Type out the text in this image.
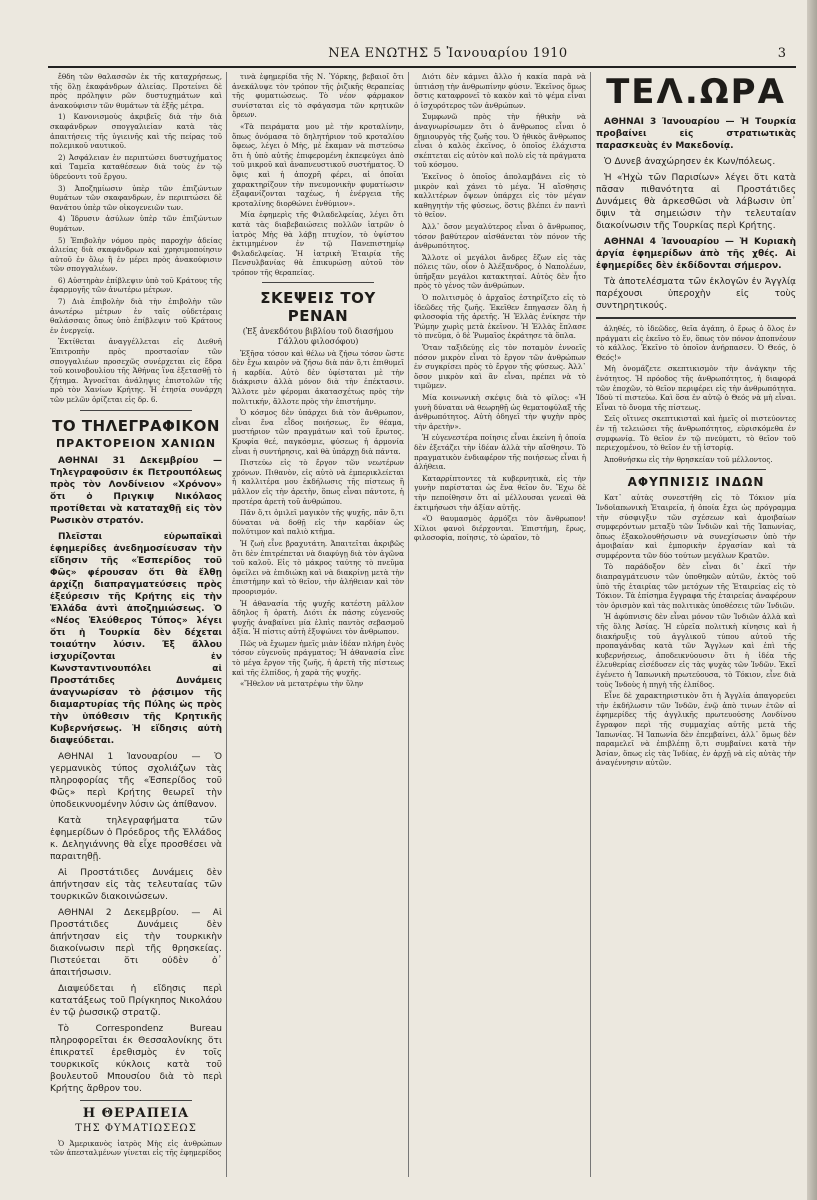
ΝΕΑ ΕΝΩΤΗΣ 5 Ἰανουαρίου 1910	3

ἔθδη τῶν θαλασσῶν ἐκ τῆς καταχρήσεως, τῆς ὅλῃ ἐκαφάνδρων ἁλιείας. Προτείνει δὲ πρὸς πρόληψιν ρῶν δυστυχημάτων καὶ ἀνακούφισιν τῶν θυμάτων τὰ ἑξῆς μέτρα.

1) Κανονισμοὺς ἀκριβεῖς διὰ τὴν διὰ σκαφάνδρων σπογγαλιείαν κατὰ τὰς ἀπαιτήσεις τῆς ὑγιεινῆς καὶ τῆς πείρας τοῦ πολεμικοῦ ναυτικοῦ.

2) Ἀσφάλειαν ἐν περιπτώσει δυστυχήματος καὶ Ταμεῖα καταθέσεων διὰ τοὺς ἐν τῷ ὑδρεύοντι τοῦ ἔργου.

3) Ἀποζημίωσιν ὑπὲρ τῶν ἐπιζώντων θυμάτων τῶν σκαφανδρων, ἐν περιπτώσει δὲ θανάτου ὑπὲρ τῶν οἰκογενειῶν των.

4) Ἱδρυσιν ἀσύλων ὑπὲρ τῶν ἐπιζώντων θυμάτων.

5) Ἐπιβολὴν νόμου πρὸς παροχὴν ἀδείας ἁλιείας διὰ σκαφάνδρων καὶ χρησιμοποίησιν αὐτοῦ ἐν ὅλῳ ἢ ἐν μέρει πρὸς ἀνακούφισιν τῶν σπογγαλιέων.

6) Αὐστηρὰν ἐπίβλεψιν ὑπὸ τοῦ Κράτους τῆς ἐφαρμογῆς τῶν ἀνωτέρω μέτρων.

7) Διὰ ἐπιβολὴν διὰ τὴν ἐπιβολὴν τῶν ἀνωτέρω μέτρων ἐν ταῖς οὐδετέραις θαλάσσαις ὅπως ὑπὸ ἐπίβλεψιν τοῦ Κράτους ἐν ἐνεργείᾳ.

Ἐκτίθεται ἀναγγέλλεται εἰς Διεθνῆ Ἐπιτροπὴν πρὸς προστασίαν τῶν σπογγαλιέων προσεχῶς συνέρχεται εἰς ἔδρα τοῦ κοινοβουλίου τῆς Ἀθήνας ἵνα ἐξετασθῇ τὸ ζήτημα. Ἀγνοεῖται ἀνάληψις ἐπιστολῶν τῆς πρὸ τὸν Χανίων Κρήτης. Ἡ ἐτησία συνάρχη τῶν μελῶν ὁρίζεται εἰς δρ. 6.

ΤΟ ΤΗΛΕΓΡΑΦΙΚΟΝ
ΠΡΑΚΤΟΡΕΙΟΝ ΧΑΝΙΩΝ
ΑΘΗΝΑΙ 31 Δεκεμβρίου — Τηλεγραφοῦσιν ἐκ Πετρουπόλεως πρὸς τὸν Λονδίνειον «Χρόνον» ὅτι ὁ Πριγκιψ Νικόλαος προτίθεται νὰ καταταχθῇ εἰς τὸν Ρωσικὸν στρατόν.
Πλεῖσται εὐρωπαϊκαὶ ἐφημερίδες ἀνεδημοσίευσαν τὴν εἴδησιν τῆς «Ἐσπερίδος τοῦ Φῶς» φέρουσαν ὅτι θὰ ἔλθῃ ἀρχίζῃ διαπραγματεύσεις πρὸς ἐξεύρεσιν τῆς Κρήτης εἰς τὴν Ἑλλάδα ἀντὶ ἀποζημιώσεως. Ὁ «Νέος Ἐλεύθερος Τύπος» λέγει ὅτι ἡ Τουρκία δὲν δέχεται τοιαύτην λύσιν. Ἐξ ἄλλου ἰσχυρίζονται ἐν Κωνσταντινουπόλει αἱ Προστάτιδες Δυνάμεις ἀναγνωρίσαν τὸ ῥᾴσιμον τῆς διαμαρτυρίας τῆς Πύλης ὡς πρὸς τὴν ὑπόθεσιν τῆς Κρητικῆς Κυβερνήσεως. Ἡ εἴδησις αὐτὴ διαψεύδεται.
ΑΘΗΝΑΙ 1 Ἰανουαρίου — Ὁ γερμανικὸς τύπος σχολιάζων τὰς πληροφορίας τῆς «Ἐσπερίδος τοῦ Φῶς» περὶ Κρήτης θεωρεῖ τὴν ὑποδεικνυομένην λύσιν ὡς ἀπίθανον.
Κατὰ τηλεγραφήματα τῶν ἐφημερίδων ὁ Πρόεδρος τῆς Ἑλλάδος κ. Δεληγιάννης θὰ εἶχε προσθέσει νὰ παραιτηθῇ.
Αἱ Προστάτιδες Δυνάμεις δὲν ἀπήντησαν εἰς τὰς τελευταίας τῶν τουρκικῶν διακοινώσεων.
ΑΘΗΝΑΙ 2 Δεκεμβρίου. — Αἱ Προστάτιδες Δυνάμεις δὲν ἀπήντησαν εἰς τὴν τουρκικὴν διακοίνωσιν περὶ τῆς θρησκείας. Πιστεύεται ὅτι οὐδὲν ὁ᾽ ἀπαιτήσωσιν.
Διαψεύδεται ἡ εἴδησις περὶ κατατάξεως τοῦ Πρίγκηπος Νικολάου ἐν τῷ ῥωσσικῷ στρατῷ.
Τὸ Correspondenz Bureau πληροφορεῖται ἐκ Θεσσαλονίκης ὅτι ἐπικρατεῖ ἐρεθισμὸς ἐν τοῖς τουρκικοῖς κύκλοις κατὰ τοῦ βουλευτοῦ Μπουσίου διὰ τὸ περὶ Κρήτης ἄρθρον του.
Η ΘΕΡΑΠΕΙΑ
ΤΗΣ ΦΥΜΑΤΙΩΣΕΩΣ

Ὁ Ἀμερικανὸς ἰατρὸς Μὴς εἰς ἀνθρώπων τῶν ἀπεσταλμένων γίνεται εἰς τῆς ἐφημερίδος

τινὰ ἐφημερίδα τῆς Ν. Ὑόρκης, βεβαιοῖ ὅτι ἀνεκάλυψε τὸν τρόπον τῆς ῥιζικῆς θεραπείας τῆς φυματιώσεως. Τὸ νέον φάρμακον συνίσταται εἰς τὸ σφάγασμα τῶν κρητικῶν ὄρεων.

«Τὰ πειράματα μου μὲ τὴν κροταλίνην, ὅπως ὀνόμασα τὸ δηλητήριον τοῦ κροταλίου ὄφεως, λέγει ὁ Μὴς, μὲ ἔκαμαν νὰ πιστεύσω ὅτι ἡ ὑπὸ αὐτῆς ἐπιφερομένη ἐκπεφεύγει ἀπὸ τοῦ μικροῦ καὶ ἀναπνευστικοῦ συστήματος. Ὁ ὄφις καὶ ἡ ἀποχρῆ φέρει, αἱ ὁποῖαι χαρακτηρίζουν τὴν πνευμονικὴν φυματίωσιν ἐξαφανίζονται ταχέως, ἡ ἐνέργεια τῆς κροταλίνης διορθώνει ἐνθύμιον».

Μία ἐφημερὶς τῆς Φιλαδελφείας, λέγει ὅτι κατὰ τὰς διαβεβαιώσεις πολλῶν ἰατρῶν ὁ ἰατρὸς Μὴς θὰ λάβῃ πτυχίον, τὸ ὑψίστου ἐκτιμημένον ἐν τῷ Πανεπιστημίῳ Φιλαδελφείας. Ἡ ἰατρικὴ Ἐταιρία τῆς Πενσυλβανίας θὰ ἐπικυρώσῃ αὐτοῦ τὸν τρόπον τῆς θεραπείας.

ΣΚΕΨΕΙΣ ΤΟΥ ΡΕΝΑΝ

(Ἐξ ἀνεκδότου βιβλίου τοῦ διασήμου Γάλλου φιλοσόφου)

Ἐξῆσα τόσον καὶ θέλω νὰ ζήσω τόσον ὥστε δὲν ἔχω καιρὸν νὰ ζήσω διὰ πάν ὅ,τι ἐπιθυμεῖ ἡ καρδία. Αὐτὸ δὲν ὑφίσταται μὲ τὴν διάκρισιν ἀλλὰ μόνον διὰ τὴν ἐπέκτασιν. Ἄλλοτε μὲν φέρομαι ἀκατασχέτως πρὸς τὴν πολιτικήν, ἄλλοτε πρὸς τὴν ἐπιστήμην.

Ὁ κόσμος δὲν ὑπάρχει διὰ τὸν ἄνθρωπον, εἶναι ἕνα εἶδος ποιήσεως, ἓν θέαμα, μυστήριον τῶν πραγμάτων καὶ τοῦ ἔρωτος. Κρυφία θεέ, παγκόσμιε, φύσεως ἡ ἀρμονία εἶναι ἡ συντήρησις, καὶ θὰ ὑπάρχῃ διὰ πάντα.

Πιστεύω εἰς τὸ ἔργον τῶν νεωτέρων χρόνων. Πιθανὸν, εἰς αὐτὸ νὰ ἐμπερικλείεται ἡ καλλιτέρα μου ἐκδήλωσις τῆς πίστεως ἢ μᾶλλον εἰς τὴν ἀρετὴν, ὅπως εἶναι πάντοτε, ἡ προτέρα ἀρετὴ τοῦ ἀνθρώπου.

Πᾶν ὅ,τι ὁμιλεῖ μαγικὸν τῆς ψυχῆς, πᾶν ὅ,τι δύναται νὰ δοθῇ εἰς τὴν καρδίαν ὡς πολύτιμον καὶ παλιὸ κτῆμα.

Ἡ ζωὴ εἶνε βραχυτάτη. Ἀπαιτεῖται ἀκριβῶς ὅτι δὲν ἐπιτρέπεται νὰ διαφύγῃ διὰ τὸν ἀγῶνα τοῦ καλοῦ. Εἰς τὸ μάκρος ταύτης τὸ πνεῦμα ὀφείλει νὰ ἐπιδιώκῃ καὶ νὰ διακρίνῃ μετὰ τὴν ἐπιστήμην καὶ τὸ θεῖον, τὴν ἀλήθειαν καὶ τὸν προορισμόν.

Ἡ ἀθανασία τῆς ψυχῆς κατέστη μᾶλλον ἄδηλος ἢ ὁρατὴ. Διότι ἐκ πάσης εὐγενοῦς ψυχῆς ἀναβαίνει μία ἐλπὶς παντὸς σεβασμοῦ ἀξία. Ἡ πίστις αὐτὴ ἐξυψώνει τὸν ἄνθρωπον.

Πῶς νὰ ἔχωμεν ἡμεῖς μιὰν ἰδέαν πλήρη ἐνὸς τόσον εὐγενοῦς πράγματος; Ἡ ἀθανασία εἶνε τὸ μέγα ἔργον τῆς ζωῆς, ἡ ἀρετὴ τῆς πίστεως καὶ τῆς ἐλπίδος, ἡ χαρὰ τῆς ψυχῆς.

«Ἤθελον νὰ μετατρέψω τὴν ὕλην

Διότι δὲν κάμνει ἄλλο ἡ κακία παρὰ νὰ ὑπτιάσῃ τὴν ἀνθρωπίνην φύσιν. Ἐκεῖνος ὅμως ὅστις καταφρονεῖ τὸ κακὸν καὶ τὸ ψέμα εἶναι ὁ ἰσχυρότερος τῶν ἀνθρώπων.

Συμφωνῶ πρὸς τὴν ἠθικὴν νὰ ἀναγνωρίσωμεν ὅτι ὁ ἄνθρωπος εἶναι ὁ δημιουργὸς τῆς ζωῆς του. Ὁ ἠθικὸς ἄνθρωπος εἶναι ὁ καλὸς ἐκεῖνος, ὁ ὁποῖος ἐλάχιστα σκέπτεται εἰς αὑτὸν καὶ πολὺ εἰς τὰ πράγματα τοῦ κόσμου.

Ἐκεῖνος ὁ ὁποῖος ἀπολαμβάνει εἰς τὸ μικρὸν καὶ χάνει τὸ μέγα. Ἡ αἴσθησις καλλιτέρων ὄψεων ὑπάρχει εἰς τὸν μέγαν καθηγητὴν τῆς φύσεως, ὅστις βλέπει ἐν παντὶ τὸ θεῖον.

Ἀλλ᾽ ὅσον μεγαλύτερος εἶναι ὁ ἄνθρωπος, τόσον βαθύτερον αἰσθάνεται τὸν πόνον τῆς ἀνθρωπότητος.

Ἄλλοτε οἱ μεγάλοι ἄνδρες ἔζων εἰς τὰς πόλεις τῶν, οἷον ὁ Ἀλέξανδρος, ὁ Ναπολέων, ὑπῆρξαν μεγάλοι κατακτηταί. Αὐτὸς δὲν ἦτο πρὸς τὸ γένος τῶν ἀνθρώπων.

Ὁ πολιτισμὸς ὁ ἀρχαῖος ἐστηρίζετο εἰς τὸ ἰδεῶδες τῆς ζωῆς. Ἐκεῖθεν ἔπηγασεν ὅλη ἡ φιλοσοφία τῆς ἀρετῆς. Ἡ Ἑλλὰς ἐνίκησε τὴν Ῥώμην χωρὶς μετὰ ἐκεῖνον. Ἡ Ἑλλὰς ἔπλασε τὸ πνεῦμα, ὁ δὲ Ῥωμαῖος ἐκράτησε τὰ ὅπλα.

Ὅταν ταξιδεύῃς εἰς τὸν ποταμὸν ἐννοεῖς πόσον μικρὸν εἶναι τὸ ἔργον τῶν ἀνθρώπων ἐν συγκρίσει πρὸς τὸ ἔργον τῆς φύσεως. Ἀλλ᾽ ὅσον μικρὸν καὶ ἂν εἶναι, πρέπει νὰ τὸ τιμῶμεν.

Μία κοινωνικὴ σκέψις διὰ τὸ φίλος: «Ἡ γυνὴ δύναται νὰ θεωρηθῇ ὡς θεματοφύλαξ τῆς ἀνθρωπότητος. Αὐτὴ ὁδηγεῖ τὴν ψυχὴν πρὸς τὴν ἀρετὴν».

Ἡ εὐγενεστέρα ποίησις εἶναι ἐκείνη ἡ ὁποία δὲν ἐξετάζει τὴν ἰδέαν ἀλλὰ τὴν αἴσθησιν. Τὸ πραγματικὸν ἐνδιαφέρον τῆς ποιήσεως εἶναι ἡ ἀλήθεια.

Καταρρίπτοντες τὰ κυβερνητικὰ, εἰς τὴν γυνὴν παρίσταται ὡς ἕνα θεῖον ὄν. Ἔχω δὲ τὴν πεποίθησιν ὅτι αἱ μέλλουσαι γενεαὶ θὰ ἐκτιμήσωσι τὴν ἀξίαν αὐτῆς.

«Ὁ θαυμασμὸς ἀρμόζει τὸν ἄνθρωπον! Χίλιοι φανοὶ διέρχονται. Ἐπιστήμη, ἔρως, φιλοσοφία, ποίησις, τὸ ὡραῖον, τὸ

ΤΕΛ.ΩΡΑ
ΑΘΗΝΑΙ 3 Ἰανουαρίου — Ἡ Τουρκία προβαίνει εἰς στρατιωτικὰς παρασκευὰς ἐν Μακεδονίᾳ.
Ὁ Δυνεβ ἀναχώρησεν ἐκ Κων/πόλεως.
Ἡ «Ἠχὼ τῶν Παρισίων» λέγει ὅτι κατὰ πᾶσαν πιθανότητα αἱ Προστάτιδες Δυνάμεις θὰ ἀρκεσθῶσι νὰ λάβωσιν ὑπ᾽ ὄψιν τὰ σημειώσιν τὴν τελευταίαν διακοίνωσιν τῆς Τουρκίας περὶ Κρήτης.
ΑΘΗΝΑΙ 4 Ἰανουαρίου — Ἡ Κυριακὴ ἀργία ἐφημερίδων ἀπὸ τῆς χθές. Αἱ ἐφημερίδες δὲν ἐκδίδονται σήμερον.
Τὰ ἀποτελέσματα τῶν ἐκλογῶν ἐν Ἀγγλίᾳ παρέχουσι ὑπεροχὴν εἰς τοὺς συντηρητικούς.

ἀληθές, τὸ ἰδεῶδες, θεῖα ἀγάπη, ὁ ἔρως ὁ ὅλος ἐν πράγματι εἰς ἐκεῖνο τὸ ἕν, ὅπως τὸν πόνον ἀποπνέουν τὸ κάλλος. Ἐκεῖνο τὸ ὁποῖον ἀνήρπασεν. Ὁ Θεός, ὁ Θεός!»

Μὴ ὀνομάζετε σκεπτικισμὸν τὴν ἀνάγκην τῆς ἑνότητος. Ἡ πρόοδος τῆς ἀνθρωπότητος, ἡ διαφορά τῶν ἐποχῶν, τὸ θεῖον περιφέρει εἰς τὴν ἀνθρωπότητα. Ἰδοὺ τί πιστεύω. Καὶ ὅσα ἐν αὐτῷ ὁ Θεός νὰ μὴ εἶναι. Εἶναι τὸ ὄνομα τῆς πίστεως.

Σεῖς οἵτινες σκεπτικισταὶ καὶ ἡμεῖς οἱ πιστεύοντες ἐν τῇ τελειώσει τῆς ἀνθρωπότητος, εὑρισκόμεθα ἐν συμφωνίᾳ. Τὸ θεῖον ἐν τῷ πνεύματι, τὸ θεῖον τοῦ περιεχομένου, τὸ θεῖον ἐν τῇ ἱστορίᾳ.

Ἀποθνήσκω εἰς τὴν θρησκείαν τοῦ μέλλοντος.

ΑΦΥΠΝΙΣΙΣ ΙΝΔΩΝ

Κατ᾽ αὐτὰς συνεστήθη εἰς τὸ Τόκιον μία Ἰνδοϊαπωνικὴ Ἑταιρεία, ἡ ὁποία ἔχει ὡς πρόγραμμα τὴν σύσφιγξιν τῶν σχέσεων καὶ ἀμοιβαίων συμφερόντων μεταξὺ τῶν Ἰνδιῶν καὶ τῆς Ἰαπωνίας, ὅπως ἐξακολουθήσωσιν νὰ συνεχίσωσιν ὑπὸ τὴν ἀμοιβαίαν καὶ ἐμπορικὴν ἐργασίαν καὶ τὰ συμφέροντα τῶν δύο τούτων μεγάλων Κρατῶν.

Τὸ παράδοξον δὲν εἶναι δι᾽ ἐκεῖ τὴν διαπραγμάτευσιν τῶν ὑποθηκῶν αὐτῶν, ἐκτὸς τοῦ ὑπὸ τῆς ἑταιρίας τῶν μετόχων τῆς Ἑταιρείας εἰς τὸ Τόκιον. Τὰ ἐπίσημα ἔγγραφα τῆς ἑταιρείας ἀναφέρουν τὸν ὁρισμὸν καὶ τὰς πολιτικὰς ὑποθέσεις τῶν Ἰνδιῶν.

Ἡ ἀφύπνισις δὲν εἶναι μόνον τῶν Ἰνδιῶν ἀλλὰ καὶ τῆς ὅλης Ἀσίας. Ἡ εὐρεῖα πολιτικὴ κίνησις καὶ ἡ διακήρυξις τοῦ ἀγγλικοῦ τύπου αὐτοῦ τῆς προπαγάνδας κατὰ τῶν Ἄγγλων καὶ ἐπὶ τῆς κυβερνήσεως, ἀποδεικνύουσιν ὅτι ἡ ἰδέα τῆς ἐλευθερίας εἰσέδυσεν εἰς τὰς ψυχὰς τῶν Ἰνδῶν. Ἐκεῖ ἐγένετο ἡ Ἰαπωνικὴ πρωτεύουσα, τὸ Τόκιον, εἶνε διὰ τοὺς Ἰνδοὺς ἡ πηγὴ τῆς ἐλπίδος.

Εἶνε δὲ χαρακτηριστικὸν ὅτι ἡ Ἀγγλία ἀπαγορεύει τὴν ἐκδήλωσιν τῶν Ἰνδῶν, ἐνῷ ἀπὸ τινων ἐτῶν αἱ ἐφημερίδες τῆς ἀγγλικῆς πρωτευούσης Λονδίνου ἔγραφον περὶ τῆς συμμαχίας αὐτῆς μετὰ τῆς Ἰαπωνίας. Ἡ Ἰαπωνία δὲν ἐπεμβαίνει, ἀλλ᾽ ὅμως δὲν παραμελεῖ νὰ ἐπιβλέπῃ ὅ,τι συμβαίνει κατὰ τὴν Ἀσίαν, ὅπως εἰς τὰς Ἰνδίας, ἐν ἀρχῇ νὰ εἰς αὐτὰς τὴν ἀναγέννησιν αὐτῶν.
